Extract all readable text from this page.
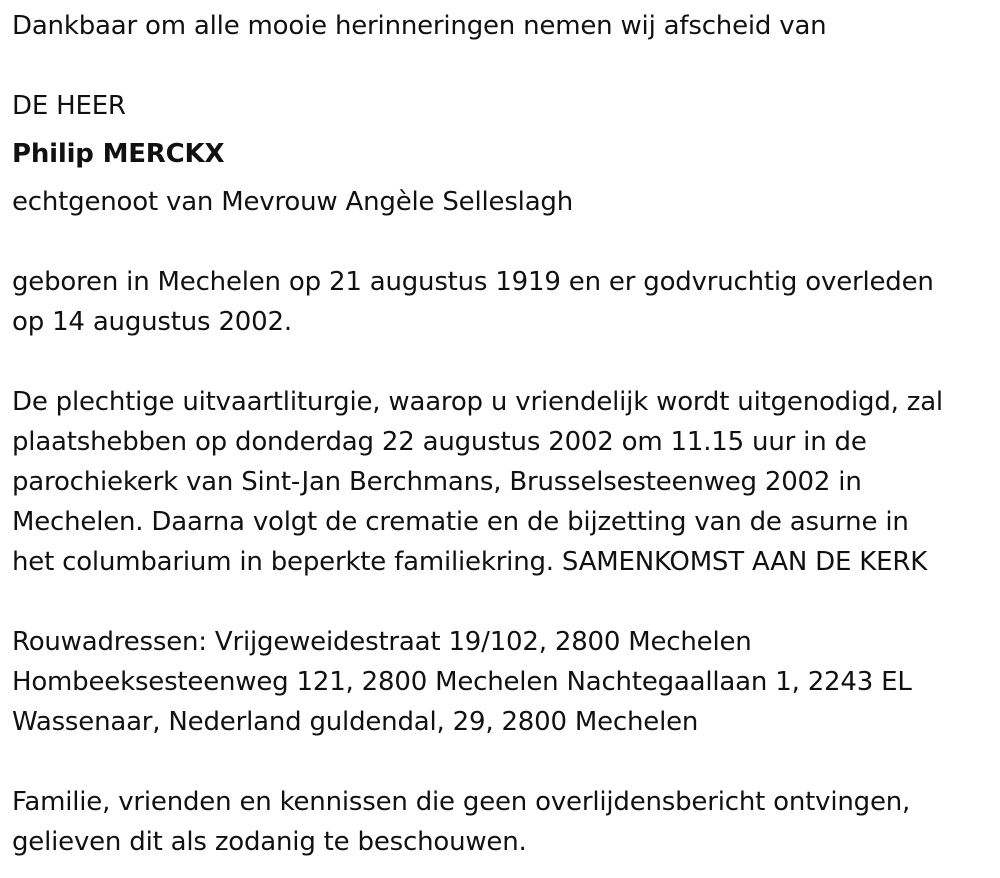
Dankbaar om alle mooie herinneringen nemen wij afscheid van

DE HEER

Philip MERCKX

echtgenoot van Mevrouw Angèle Selleslagh

geboren in Mechelen op 21 augustus 1919 en er godvruchtig overleden

op 14 augustus 2002.

De plechtige uitvaartliturgie, waarop u vriendelijk wordt uitgenodigd, zal

plaatshebben op donderdag 22 augustus 2002 om 11.15 uur in de

parochiekerk van Sint-Jan Berchmans, Brusselsesteenweg 2002 in

Mechelen. Daarna volgt de crematie en de bijzetting van de asurne in

het columbarium in beperkte familiekring. SAMENKOMST AAN DE KERK

Rouwadressen: Vrijgeweidestraat 19/102, 2800 Mechelen

Hombeeksesteenweg 121, 2800 Mechelen Nachtegaallaan 1, 2243 EL

Wassenaar, Nederland guldendal, 29, 2800 Mechelen

Familie, vrienden en kennissen die geen overlijdensbericht ontvingen,

gelieven dit als zodanig te beschouwen.
